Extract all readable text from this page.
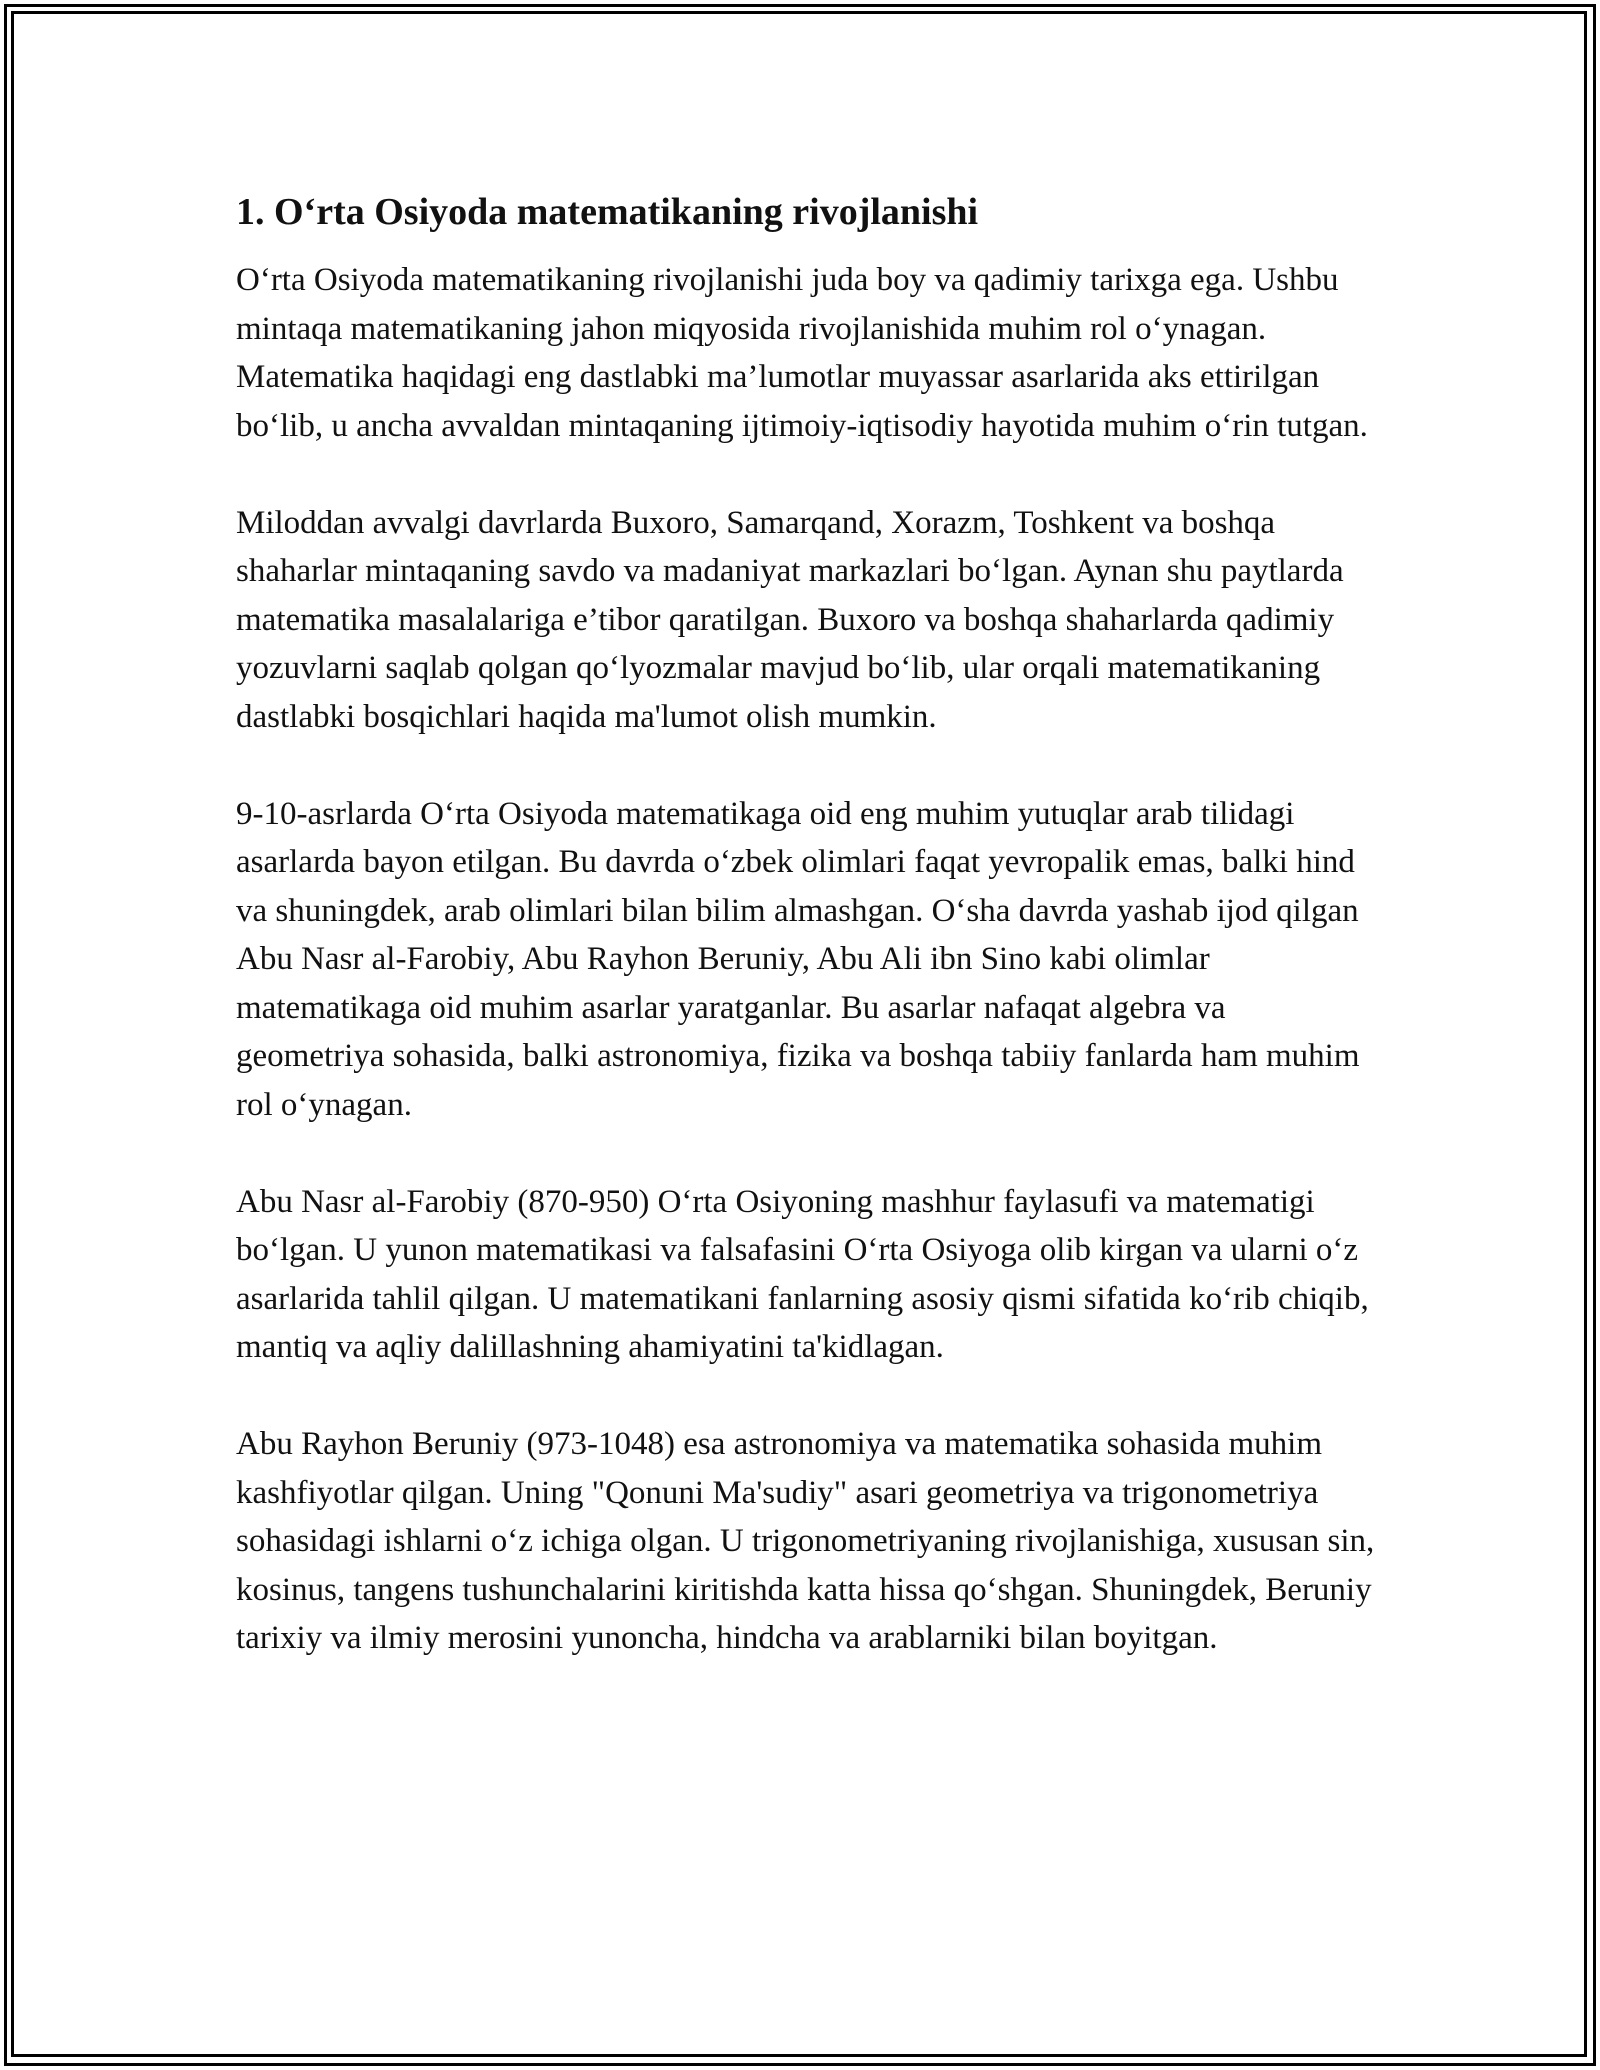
1. O‘rta Osiyoda matematikaning rivojlanishi

O‘rta Osiyoda matematikaning rivojlanishi juda boy va qadimiy tarixga ega. Ushbu mintaqa matematikaning jahon miqyosida rivojlanishida muhim rol o‘ynagan. Matematika haqidagi eng dastlabki ma’lumotlar muyassar asarlarida aks ettirilgan bo‘lib, u ancha avvaldan mintaqaning ijtimoiy-iqtisodiy hayotida muhim o‘rin tutgan.

Miloddan avvalgi davrlarda Buxoro, Samarqand, Xorazm, Toshkent va boshqa shaharlar mintaqaning savdo va madaniyat markazlari bo‘lgan. Aynan shu paytlarda matematika masalalariga e’tibor qaratilgan. Buxoro va boshqa shaharlarda qadimiy yozuvlarni saqlab qolgan qo‘lyozmalar mavjud bo‘lib, ular orqali matematikaning dastlabki bosqichlari haqida ma'lumot olish mumkin.

9-10-asrlarda O‘rta Osiyoda matematikaga oid eng muhim yutuqlar arab tilidagi asarlarda bayon etilgan. Bu davrda o‘zbek olimlari faqat yevropalik emas, balki hind va shuningdek, arab olimlari bilan bilim almashgan. O‘sha davrda yashab ijod qilgan Abu Nasr al-Farobiy, Abu Rayhon Beruniy, Abu Ali ibn Sino kabi olimlar matematikaga oid muhim asarlar yaratganlar. Bu asarlar nafaqat algebra va geometriya sohasida, balki astronomiya, fizika va boshqa tabiiy fanlarda ham muhim rol o‘ynagan.

Abu Nasr al-Farobiy (870-950) O‘rta Osiyoning mashhur faylasufi va matematigi bo‘lgan. U yunon matematikasi va falsafasini O‘rta Osiyoga olib kirgan va ularni o‘z asarlarida tahlil qilgan. U matematikani fanlarning asosiy qismi sifatida ko‘rib chiqib, mantiq va aqliy dalillashning ahamiyatini ta'kidlagan.

Abu Rayhon Beruniy (973-1048) esa astronomiya va matematika sohasida muhim kashfiyotlar qilgan. Uning "Qonuni Ma'sudiy" asari geometriya va trigonometriya sohasidagi ishlarni o‘z ichiga olgan. U trigonometriyaning rivojlanishiga, xususan sin, kosinus, tangens tushunchalarini kiritishda katta hissa qo‘shgan. Shuningdek, Beruniy tarixiy va ilmiy merosini yunoncha, hindcha va arablarniki bilan boyitgan.
